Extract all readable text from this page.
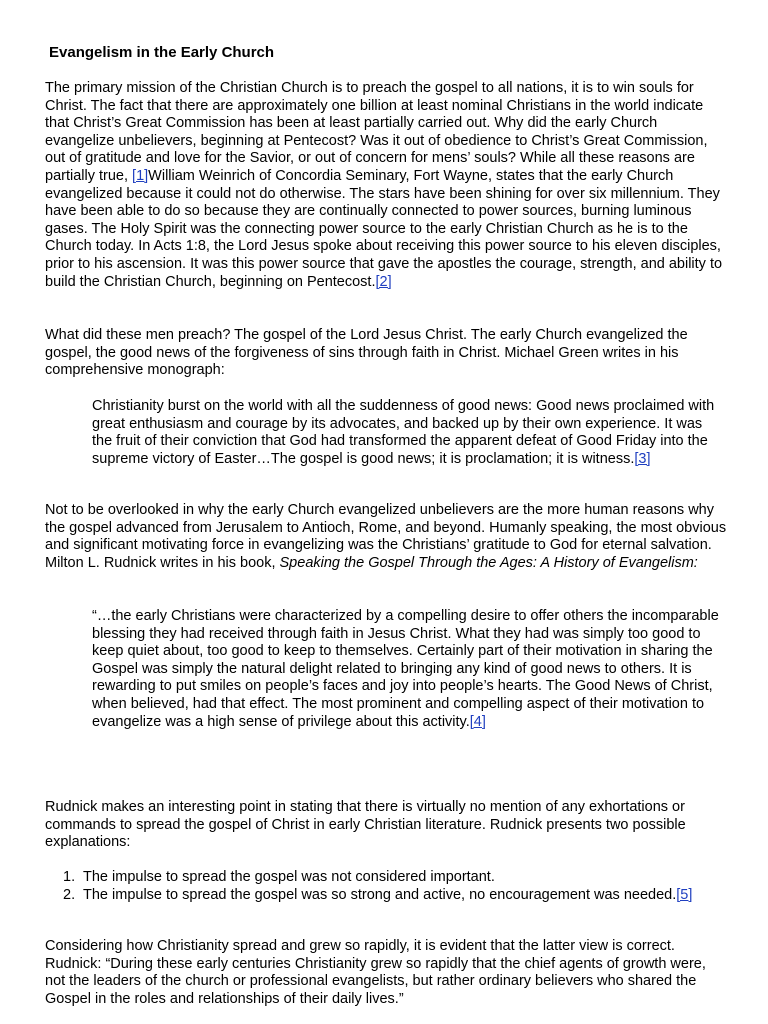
Evangelism in the Early Church

The primary mission of the Christian Church is to preach the gospel to all nations, it is to win souls for Christ. The fact that there are approximately one billion at least nominal Christians in the world indicate that Christ’s Great Commission has been at least partially carried out. Why did the early Church evangelize unbelievers, beginning at Pentecost? Was it out of obedience to Christ’s Great Commission, out of gratitude and love for the Savior, or out of concern for mens’ souls? While all these reasons are partially true, [1]William Weinrich of Concordia Seminary, Fort Wayne, states that the early Church evangelized because it could not do otherwise. The stars have been shining for over six millennium. They have been able to do so because they are continually connected to power sources, burning luminous gases. The Holy Spirit was the connecting power source to the early Christian Church as he is to the Church today. In Acts 1:8, the Lord Jesus spoke about receiving this power source to his eleven disciples, prior to his ascension. It was this power source that gave the apostles the courage, strength, and ability to build the Christian Church, beginning on Pentecost.[2]

What did these men preach? The gospel of the Lord Jesus Christ. The early Church evangelized the gospel, the good news of the forgiveness of sins through faith in Christ. Michael Green writes in his comprehensive monograph:

Christianity burst on the world with all the suddenness of good news: Good news proclaimed with great enthusiasm and courage by its advocates, and backed up by their own experience. It was the fruit of their conviction that God had transformed the apparent defeat of Good Friday into the supreme victory of Easter…The gospel is good news; it is proclamation; it is witness.[3]

Not to be overlooked in why the early Church evangelized unbelievers are the more human reasons why the gospel advanced from Jerusalem to Antioch, Rome, and beyond. Humanly speaking, the most obvious and significant motivating force in evangelizing was the Christians’ gratitude to God for eternal salvation. Milton L. Rudnick writes in his book, Speaking the Gospel Through the Ages: A History of Evangelism:

“…the early Christians were characterized by a compelling desire to offer others the incomparable blessing they had received through faith in Jesus Christ. What they had was simply too good to keep quiet about, too good to keep to themselves. Certainly part of their motivation in sharing the Gospel was simply the natural delight related to bringing any kind of good news to others. It is rewarding to put smiles on people’s faces and joy into people’s hearts. The Good News of Christ, when believed, had that effect. The most prominent and compelling aspect of their motivation to evangelize was a high sense of privilege about this activity.[4]

Rudnick makes an interesting point in stating that there is virtually no mention of any exhortations or commands to spread the gospel of Christ in early Christian literature. Rudnick presents two possible explanations:

1. The impulse to spread the gospel was not considered important.
2. The impulse to spread the gospel was so strong and active, no encouragement was needed.[5]

Considering how Christianity spread and grew so rapidly, it is evident that the latter view is correct. Rudnick: “During these early centuries Christianity grew so rapidly that the chief agents of growth were, not the leaders of the church or professional evangelists, but rather ordinary believers who shared the Gospel in the roles and relationships of their daily lives.”
